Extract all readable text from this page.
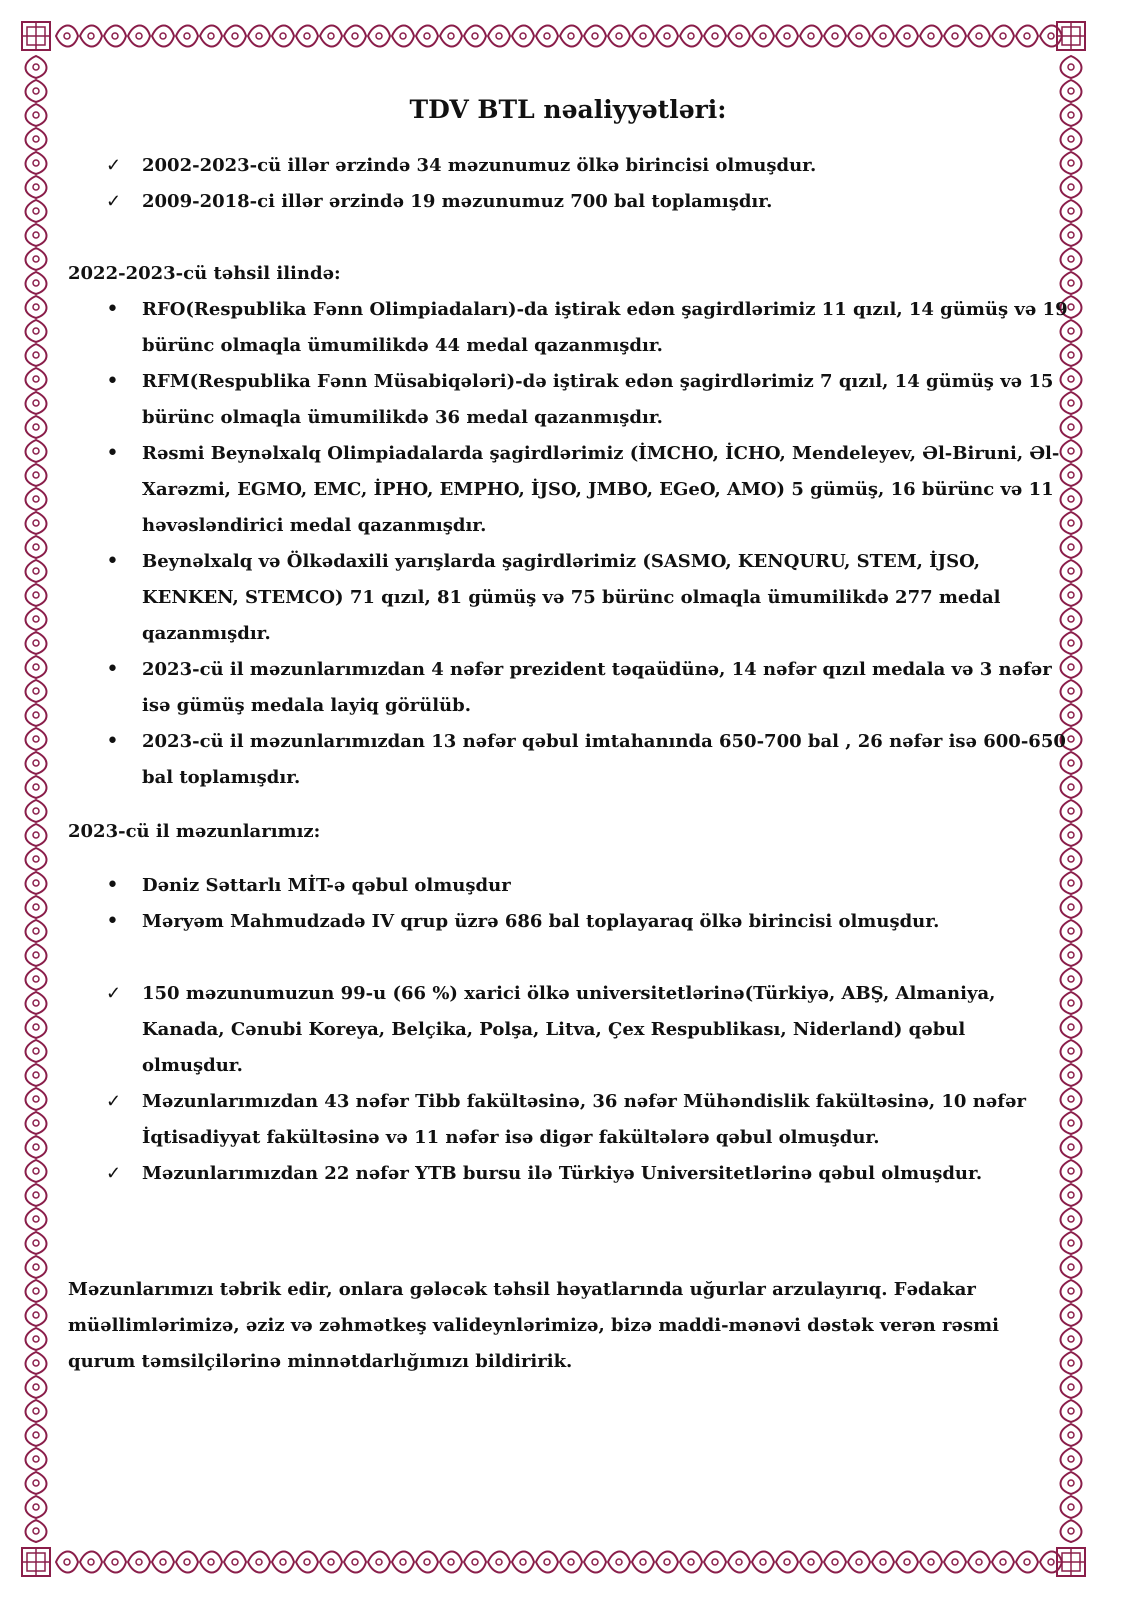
TDV BTL nəaliyyətləri:
✓	2002-2023-cü illər ərzində 34 məzunumuz ölkə birincisi olmuşdur.
✓	2009-2018-ci illər ərzində 19 məzunumuz 700 bal toplamışdır.

2022-2023-cü təhsil ilində:

•	RFO(Respublika Fənn Olimpiadaları)-da iştirak edən şagirdlərimiz 11 qızıl, 14 gümüş və 19 bürünc olmaqla ümumilikdə 44 medal qazanmışdır.
•	RFM(Respublika Fənn Müsabiqələri)-də iştirak edən şagirdlərimiz 7 qızıl, 14 gümüş və 15 bürünc olmaqla ümumilikdə 36 medal qazanmışdır.
•	Rəsmi Beynəlxalq Olimpiadalarda şagirdlərimiz (İMCHO, İCHO, Mendeleyev, Əl-Biruni, Əl-Xarəzmi, EGMO, EMC, İPHO, EMPHO, İJSO, JMBO, EGeO, AMO) 5 gümüş, 16 bürünc və 11 həvəsləndirici medal qazanmışdır.
•	Beynəlxalq və Ölkədaxili yarışlarda şagirdlərimiz (SASMO, KENQURU, STEM, İJSO, KENKEN, STEMCO) 71 qızıl, 81 gümüş və 75 bürünc olmaqla ümumilikdə 277 medal qazanmışdır.
•	2023-cü il məzunlarımızdan 4 nəfər prezident təqaüdünə, 14 nəfər qızıl medala və 3 nəfər isə gümüş medala layiq görülüb.
•	2023-cü il məzunlarımızdan 13 nəfər qəbul imtahanında 650-700 bal , 26 nəfər isə 600-650 bal toplamışdır.

2023-cü il məzunlarımız:

•	Dəniz Səttarlı MİT-ə qəbul olmuşdur
•	Məryəm Mahmudzadə IV qrup üzrə 686 bal toplayaraq ölkə birincisi olmuşdur.
✓	150 məzunumuzun 99-u (66 %) xarici ölkə universitetlərinə(Türkiyə, ABŞ, Almaniya, Kanada, Cənubi Koreya, Belçika, Polşa, Litva, Çex Respublikası, Niderland) qəbul olmuşdur.
✓	Məzunlarımızdan 43 nəfər Tibb fakültəsinə, 36 nəfər Mühəndislik fakültəsinə, 10 nəfər İqtisadiyyat fakültəsinə və 11 nəfər isə digər fakültələrə qəbul olmuşdur.
✓	Məzunlarımızdan 22 nəfər YTB bursu ilə Türkiyə Universitetlərinə qəbul olmuşdur.

Məzunlarımızı təbrik edir, onlara gələcək təhsil həyatlarında uğurlar arzulayırıq. Fədakar müəllimlərimizə, əziz və zəhmətkeş valideynlərimizə, bizə maddi-mənəvi dəstək verən rəsmi qurum təmsilçilərinə minnətdarlığımızı bildiririk.
